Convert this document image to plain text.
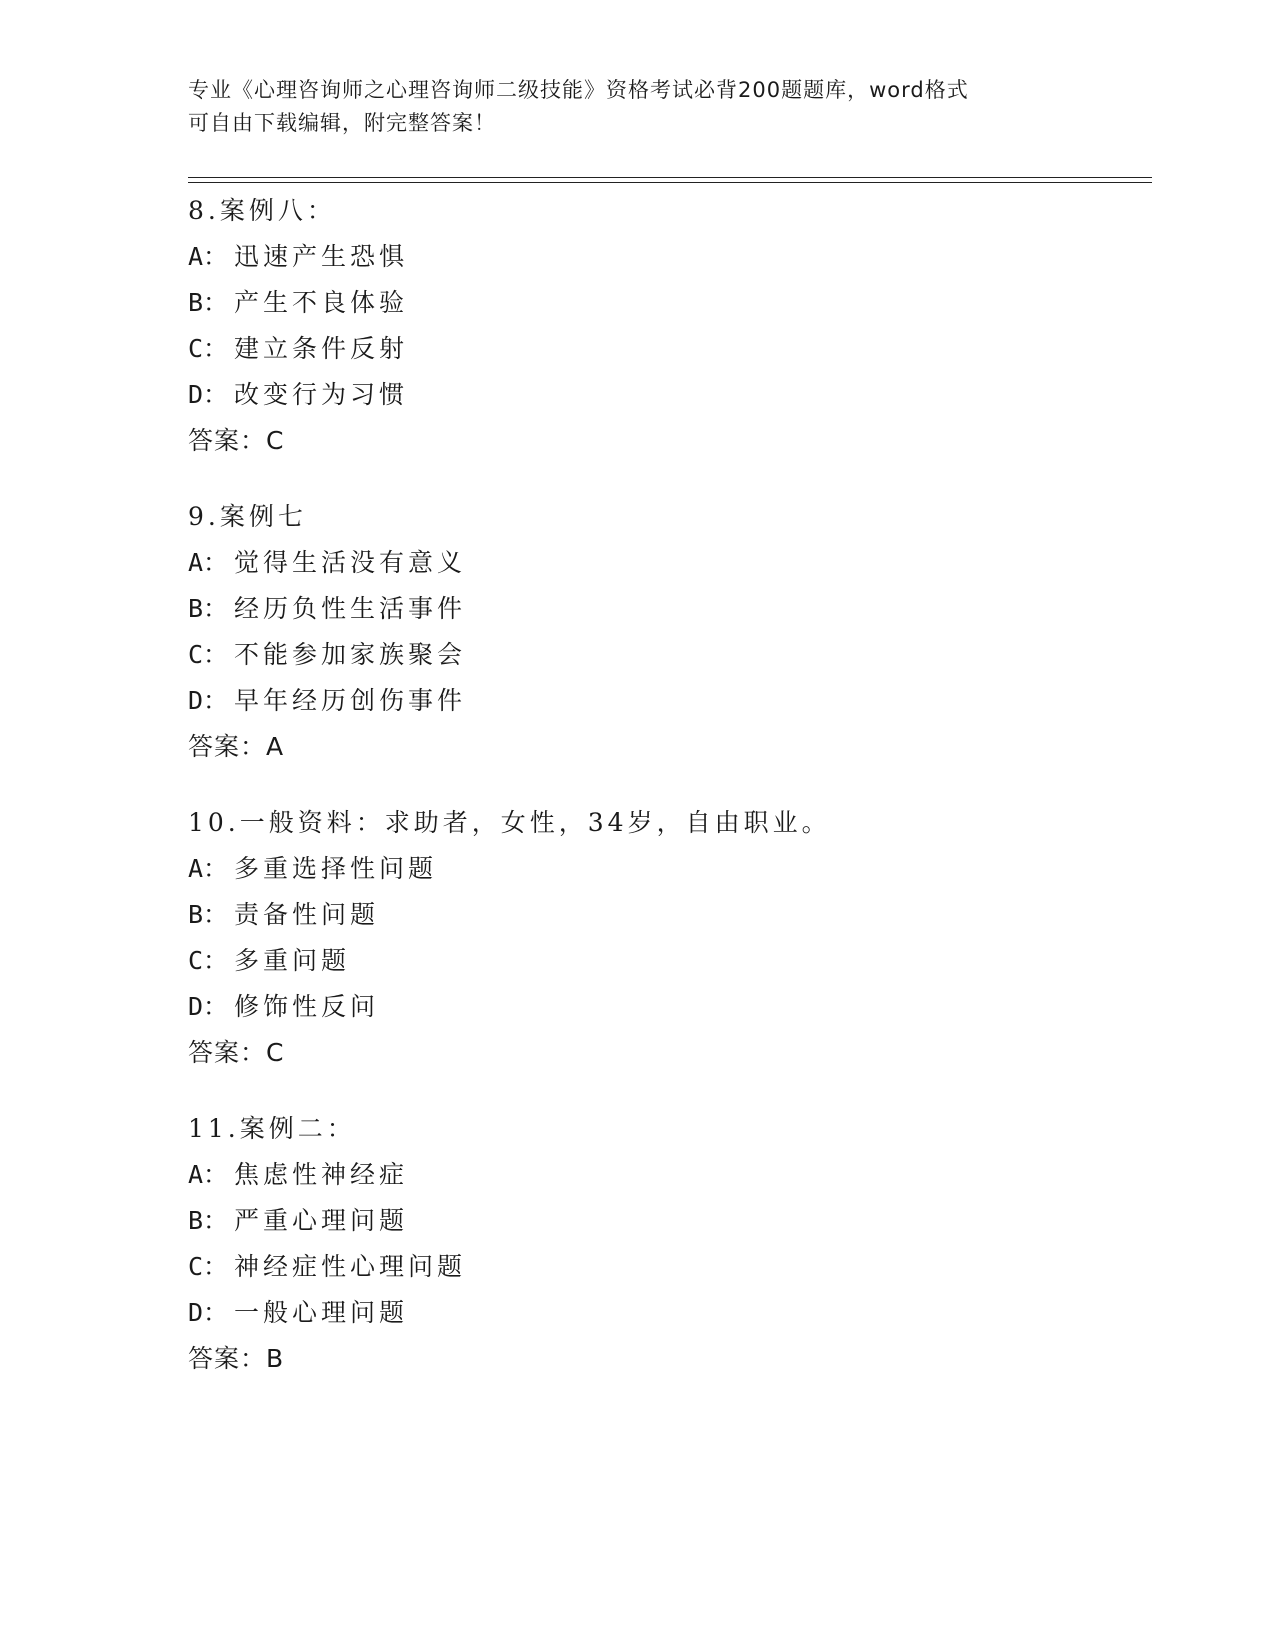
专业《心理咨询师之心理咨询师二级技能》资格考试必背200题题库，word格式
可自由下载编辑，附完整答案！
8.案例八：
A： 迅速产生恐惧
B： 产生不良体验
C： 建立条件反射
D： 改变行为习惯
答案：C
9.案例七
A： 觉得生活没有意义
B： 经历负性生活事件
C： 不能参加家族聚会
D： 早年经历创伤事件
答案：A
10.一般资料：求助者，女性，34岁，自由职业。
A： 多重选择性问题
B： 责备性问题
C： 多重问题
D： 修饰性反问
答案：C
11.案例二：
A： 焦虑性神经症
B： 严重心理问题
C： 神经症性心理问题
D： 一般心理问题
答案：B
